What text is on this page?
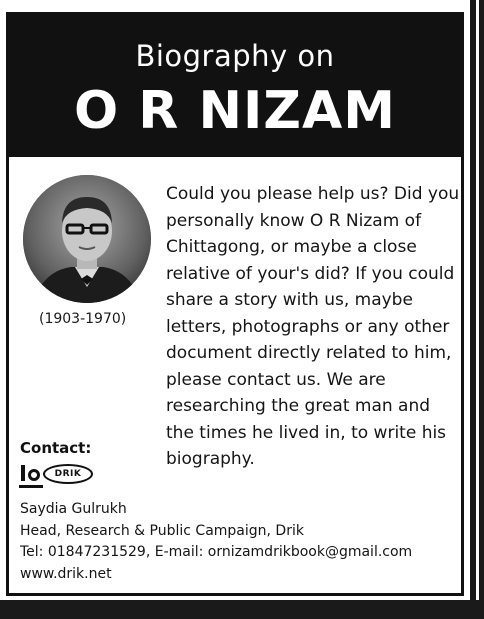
Biography on
O R NIZAM
(1903-1970)
Could you please help us? Did you personally know O R Nizam of Chittagong, or maybe a close relative of your's did? If you could share a story with us, maybe letters, photographs or any other document directly related to him, please contact us. We are researching the great man and the times he lived in, to write his biography.
Contact:
DRIK
Saydia Gulrukh
Head, Research & Public Campaign, Drik
Tel: 01847231529, E-mail: ornizamdrikbook@gmail.com
www.drik.net
